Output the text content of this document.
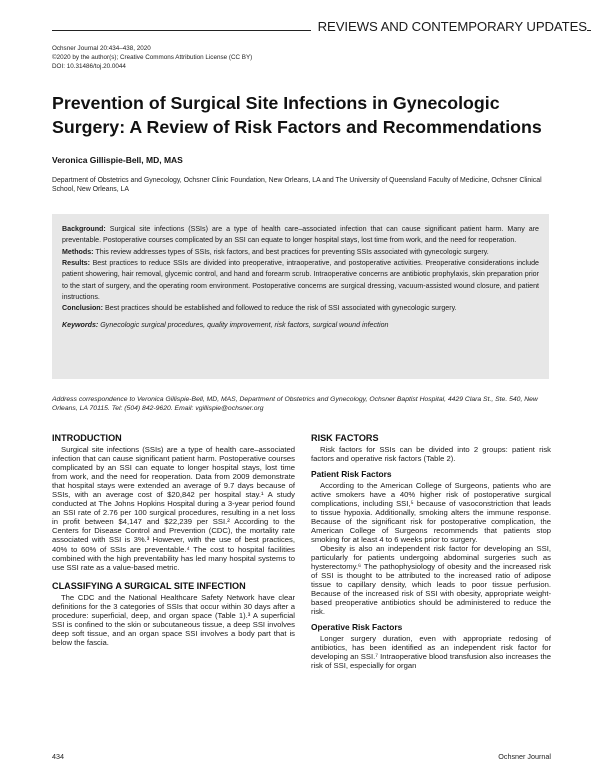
REVIEWS AND CONTEMPORARY UPDATES
Ochsner Journal 20:434–438, 2020
©2020 by the author(s); Creative Commons Attribution License (CC BY)
DOI: 10.31486/toj.20.0044
Prevention of Surgical Site Infections in Gynecologic Surgery: A Review of Risk Factors and Recommendations
Veronica Gillispie-Bell, MD, MAS
Department of Obstetrics and Gynecology, Ochsner Clinic Foundation, New Orleans, LA and The University of Queensland Faculty of Medicine, Ochsner Clinical School, New Orleans, LA

Background: Surgical site infections (SSIs) are a type of health care–associated infection that can cause significant patient harm. Many are preventable. Postoperative courses complicated by an SSI can equate to longer hospital stays, lost time from work, and the need for reoperation.

Methods: This review addresses types of SSIs, risk factors, and best practices for preventing SSIs associated with gynecologic surgery.

Results: Best practices to reduce SSIs are divided into preoperative, intraoperative, and postoperative activities. Preoperative considerations include patient showering, hair removal, glycemic control, and hand and forearm scrub. Intraoperative concerns are antibiotic prophylaxis, skin preparation prior to the start of surgery, and the operating room environment. Postoperative concerns are surgical dressing, vacuum-assisted wound closure, and patient instructions.

Conclusion: Best practices should be established and followed to reduce the risk of SSI associated with gynecologic surgery.

Keywords: Gynecologic surgical procedures, quality improvement, risk factors, surgical wound infection

Address correspondence to Veronica Gillispie-Bell, MD, MAS, Department of Obstetrics and Gynecology, Ochsner Baptist Hospital, 4429 Clara St., Ste. 540, New Orleans, LA 70115. Tel: (504) 842-9620. Email: vgillispie@ochsner.org
INTRODUCTION

Surgical site infections (SSIs) are a type of health care–associated infection that can cause significant patient harm. Postoperative courses complicated by an SSI can equate to longer hospital stays, lost time from work, and the need for reoperation. Data from 2009 demonstrate that hospital stays were extended an average of 9.7 days because of SSIs, with an average cost of $20,842 per hospital stay.¹ A study conducted at The Johns Hopkins Hospital during a 3-year period found an SSI rate of 2.76 per 100 surgical procedures, resulting in a net loss in profit between $4,147 and $22,239 per SSI.² According to the Centers for Disease Control and Prevention (CDC), the mortality rate associated with SSI is 3%.³ However, with the use of best practices, 40% to 60% of SSIs are preventable.⁴ The cost to hospital facilities combined with the high preventability has led many hospital systems to use SSI rate as a value-based metric.

CLASSIFYING A SURGICAL SITE INFECTION

The CDC and the National Healthcare Safety Network have clear definitions for the 3 categories of SSIs that occur within 30 days after a procedure: superficial, deep, and organ space (Table 1).³ A superficial SSI is confined to the skin or subcutaneous tissue, a deep SSI involves deep soft tissue, and an organ space SSI involves a body part that is below the fascia.

RISK FACTORS

Risk factors for SSIs can be divided into 2 groups: patient risk factors and operative risk factors (Table 2).

Patient Risk Factors

According to the American College of Surgeons, patients who are active smokers have a 40% higher risk of postoperative surgical complications, including SSI,⁵ because of vasoconstriction that leads to tissue hypoxia. Additionally, smoking alters the immune response. Because of the significant risk for postoperative complication, the American College of Surgeons recommends that patients stop smoking for at least 4 to 6 weeks prior to surgery.

Obesity is also an independent risk factor for developing an SSI, particularly for patients undergoing abdominal surgeries such as hysterectomy.⁶ The pathophysiology of obesity and the increased risk of SSI is thought to be attributed to the increased ratio of adipose tissue to capillary density, which leads to poor tissue perfusion. Because of the increased risk of SSI with obesity, appropriate weight-based preoperative antibiotics should be administered to reduce the risk.

Operative Risk Factors

Longer surgery duration, even with appropriate redosing of antibiotics, has been identified as an independent risk factor for developing an SSI.⁷ Intraoperative blood transfusion also increases the risk of SSI, especially for organ

434	Ochsner Journal
